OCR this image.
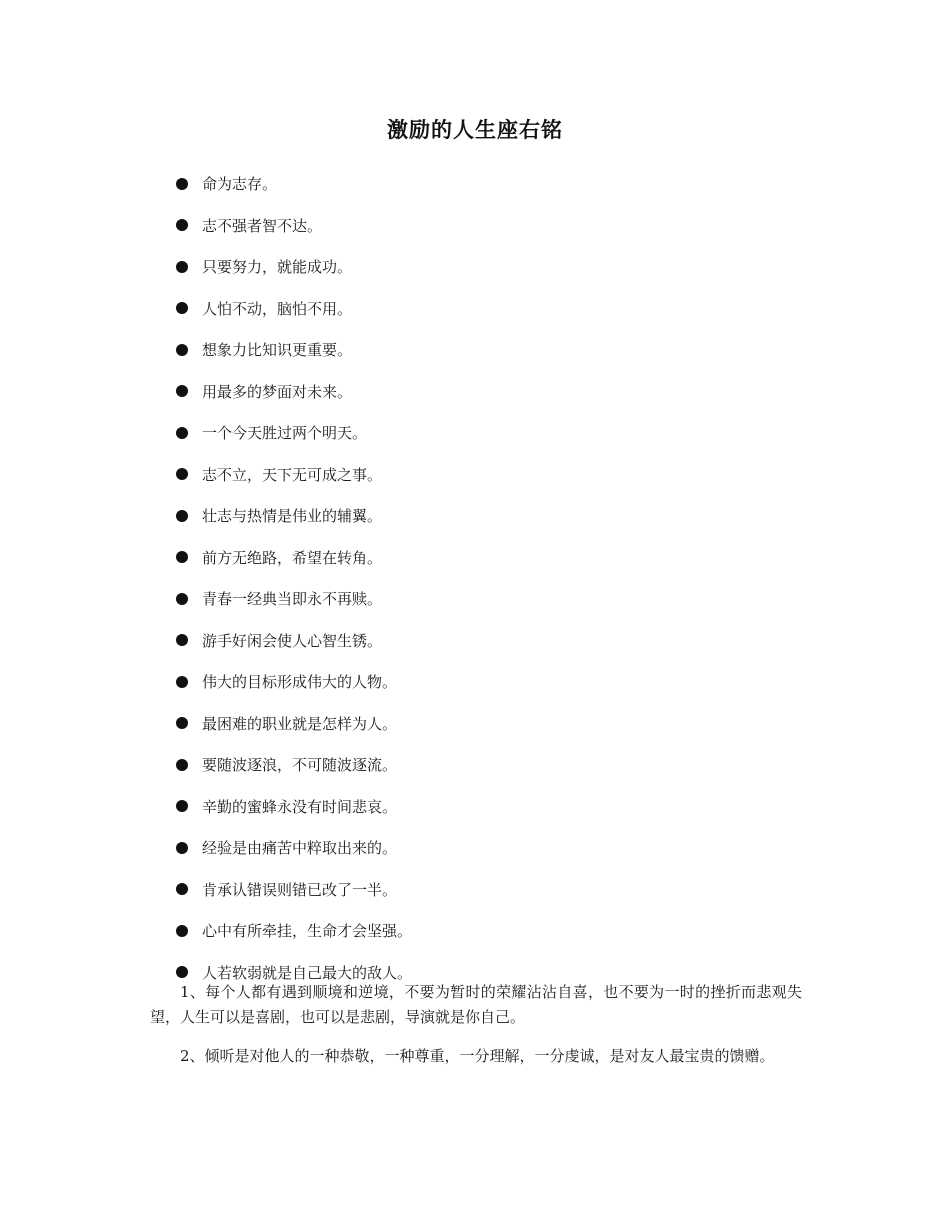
激励的人生座右铭
命为志存。
志不强者智不达。
只要努力，就能成功。
人怕不动，脑怕不用。
想象力比知识更重要。
用最多的梦面对未来。
一个今天胜过两个明天。
志不立，天下无可成之事。
壮志与热情是伟业的辅翼。
前方无绝路，希望在转角。
青春一经典当即永不再赎。
游手好闲会使人心智生锈。
伟大的目标形成伟大的人物。
最困难的职业就是怎样为人。
要随波逐浪，不可随波逐流。
辛勤的蜜蜂永没有时间悲哀。
经验是由痛苦中粹取出来的。
肯承认错误则错已改了一半。
心中有所牵挂，生命才会坚强。
人若软弱就是自己最大的敌人。

1、每个人都有遇到顺境和逆境，不要为暂时的荣耀沾沾自喜，也不要为一时的挫折而悲观失望，人生可以是喜剧，也可以是悲剧，导演就是你自己。

2、倾听是对他人的一种恭敬，一种尊重，一分理解，一分虔诚，是对友人最宝贵的馈赠。
